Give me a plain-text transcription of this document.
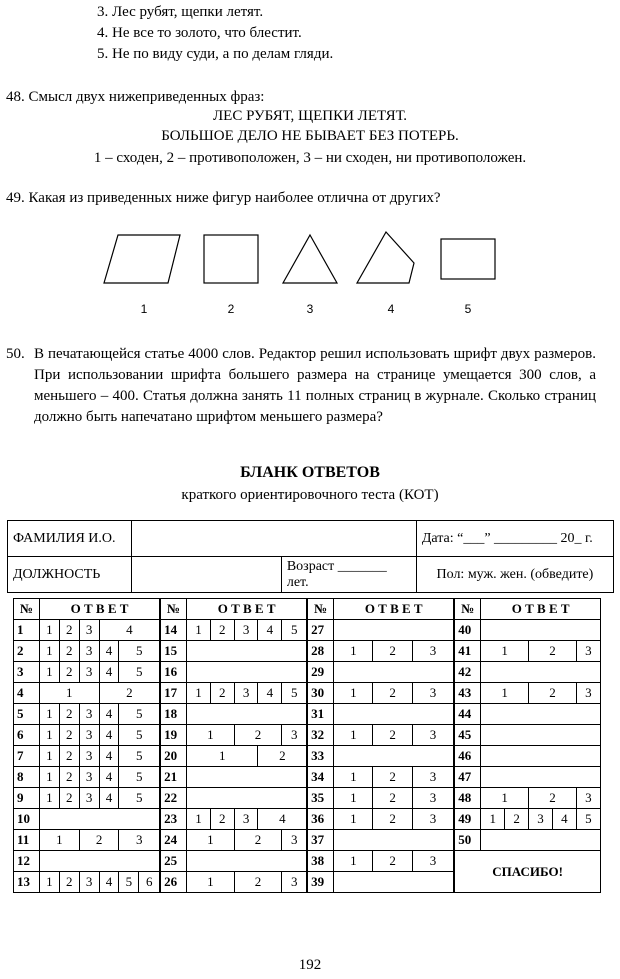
3. Лес рубят, щепки летят.
4. Не все то золото, что блестит.
5. Не по виду суди, а по делам гляди.
48. Смысл двух нижеприведенных фраз:
ЛЕС РУБЯТ, ЩЕПКИ ЛЕТЯТ.
БОЛЬШОЕ ДЕЛО НЕ БЫВАЕТ БЕЗ ПОТЕРЬ.
1 – сходен, 2 – противоположен, 3 – ни сходен, ни противоположен.
49. Какая из приведенных ниже фигур наиболее отлична от других?
1	2	3	4	5
50. В печатающейся статье 4000 слов. Редактор решил использовать шрифт двух размеров. При использовании шрифта большего размера на странице умещается 300 слов, а меньшего – 400. Статья должна занять 11 полных страниц в журнале. Сколько страниц должно быть напечатано шрифтом меньшего размера?
БЛАНК ОТВЕТОВ
краткого ориентировочного теста (КОТ)
ФАМИЛИЯ И.О.			Дата: “___” _________ 20_ г.
ДОЛЖНОСТЬ		Возраст _______ лет.	Пол: муж. жен. (обведите)
№	О Т В Е Т						№	О Т В Е Т					№	О Т В Е Т			№	О Т В Е Т				
1	1	2	3	4			14	1	2	3	4	5	27				40					
2	1	2	3	4	5		15						28	1	2	3	41	1		2		3
3	1	2	3	4	5		16						29				42					
4	1			2			17	1	2	3	4	5	30	1	2	3	43	1		2		3
5	1	2	3	4	5		18						31				44					
6	1	2	3	4	5		19	1		2		3	32	1	2	3	45					
7	1	2	3	4	5		20	1			2		33				46					
8	1	2	3	4	5		21						34	1	2	3	47					
9	1	2	3	4	5		22						35	1	2	3	48	1		2		3
10							23	1	2	3	4		36	1	2	3	49	1	2	3	4	5
11	1		2		3		24	1		2		3	37				50					
12							25						38	1	2	3	СПАСИБО!					
13	1	2	3	4	5	6	26	1		2		3	39									
192
